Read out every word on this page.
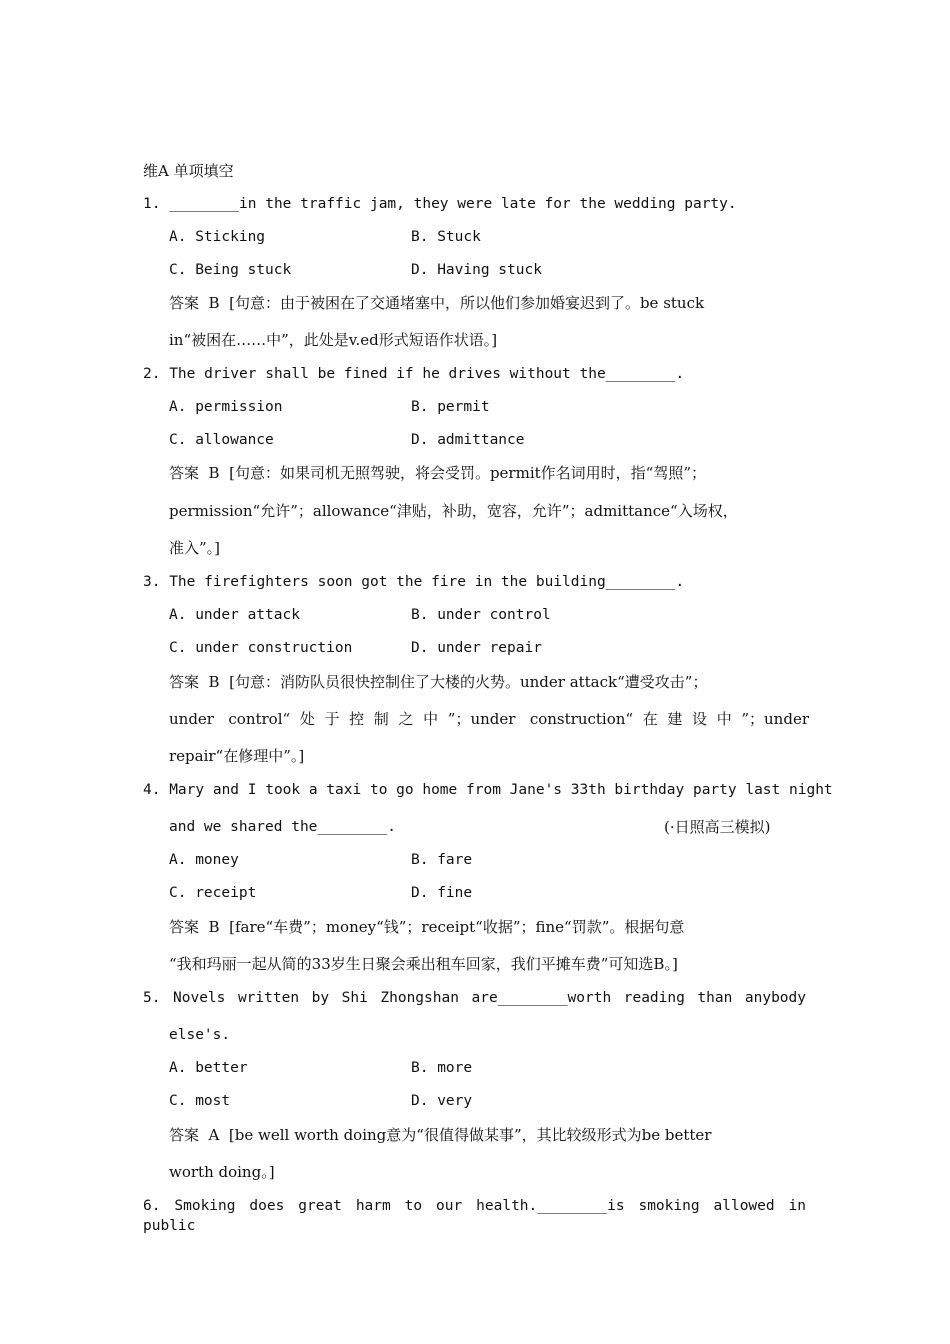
维A 单项填空
1. ________in the traffic jam, they were late for the wedding party.
A. Sticking	B. Stuck
C. Being stuck	D. Having stuck
答案  B  [句意：由于被困在了交通堵塞中，所以他们参加婚宴迟到了。be stuck
in“被困在……中”，此处是v.ed形式短语作状语。]
2. The driver shall be fined if he drives without the________.
A. permission	B. permit
C. allowance	D. admittance
答案  B  [句意：如果司机无照驾驶，将会受罚。permit作名词用时，指“驾照”；
permission“允许”；allowance“津贴，补助，宽容，允许”；admittance“入场权，
准入”。]
3. The firefighters soon got the fire in the building________.
A. under attack	B. under control
C. under construction	D. under repair
答案  B  [句意：消防队员很快控制住了大楼的火势。under attack“遭受攻击”；
under control“处于控制之中”；under construction“在建设中”；under
repair“在修理中”。]
4. Mary and I took a taxi to go home from Jane's 33th birthday party last night
and we shared the________.	(·日照高三模拟)
A. money	B. fare
C. receipt	D. fine
答案  B  [fare“车费”；money“钱”；receipt“收据”；fine“罚款”。根据句意
“我和玛丽一起从简的33岁生日聚会乘出租车回家，我们平摊车费”可知选B。]
5. Novels written by Shi Zhongshan are________worth reading than anybody
else's.
A. better	B. more
C. most	D. very
答案  A  [be well worth doing意为“很值得做某事”，其比较级形式为be better
worth doing。]
6. Smoking does great harm to our health.________is smoking allowed in public
